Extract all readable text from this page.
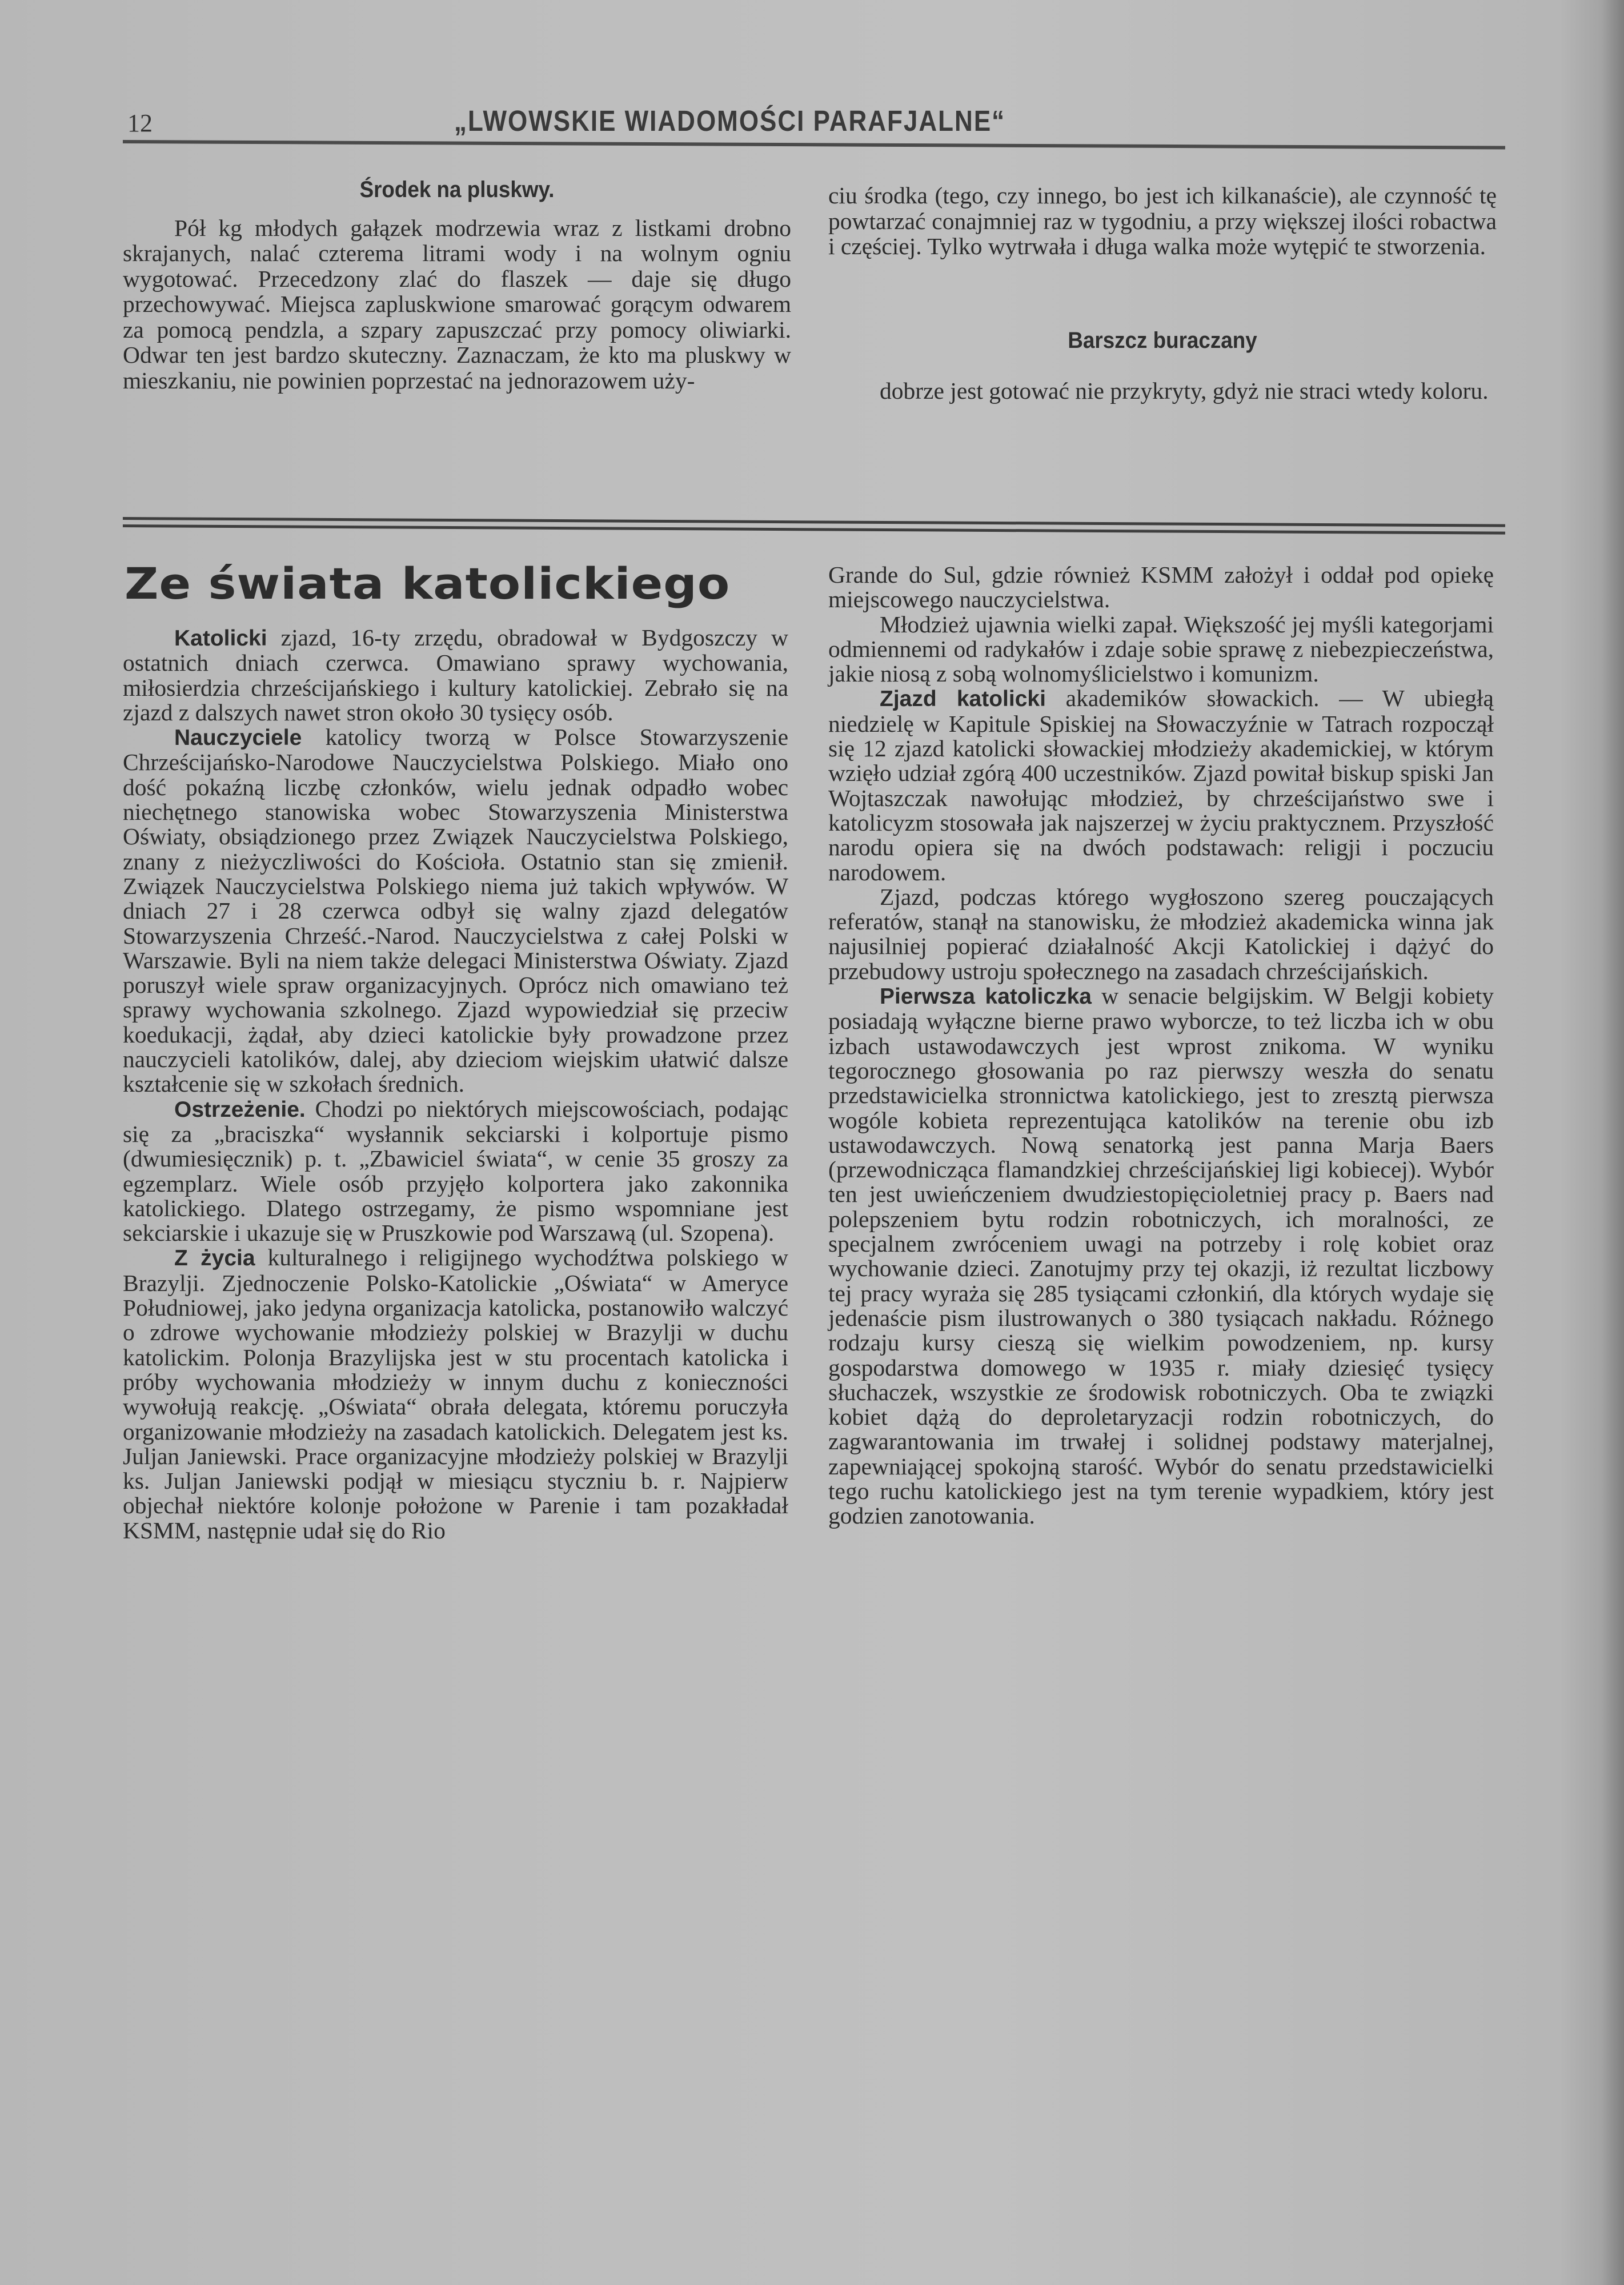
12	„LWOWSKIE WIADOMOŚCI PARAFJALNE“
Środek na pluskwy.

Pół kg młodych gałązek modrzewia wraz z listkami drobno skrajanych, nalać czterema litrami wody i na wolnym ogniu wygotować. Przecedzony zlać do flaszek — daje się długo przechowywać. Miejsca zapluskwione smarować gorącym odwarem za pomocą pendzla, a szpary zapuszczać przy pomocy oliwiarki. Odwar ten jest bardzo skuteczny. Zaznaczam, że kto ma pluskwy w mieszkaniu, nie powinien poprzestać na jednorazowem uży-

ciu środka (tego, czy innego, bo jest ich kilkanaście), ale czynność tę powtarzać conajmniej raz w tygodniu, a przy większej ilości robactwa i częściej. Tylko wytrwała i długa walka może wytępić te stworzenia.

Barszcz buraczany

dobrze jest gotować nie przykryty, gdyż nie straci wtedy koloru.

Ze świata katolickiego

Katolicki zjazd, 16-ty zrzędu, obradował w Bydgoszczy w ostatnich dniach czerwca. Omawiano sprawy wychowania, miłosierdzia chrześcijańskiego i kultury katolickiej. Zebrało się na zjazd z dalszych nawet stron około 30 tysięcy osób.

Nauczyciele katolicy tworzą w Polsce Stowarzyszenie Chrześcijańsko-Narodowe Nauczycielstwa Polskiego. Miało ono dość pokaźną liczbę członków, wielu jednak odpadło wobec niechętnego stanowiska wobec Stowarzyszenia Ministerstwa Oświaty, obsiądzionego przez Związek Nauczycielstwa Polskiego, znany z nieżyczliwości do Kościoła. Ostatnio stan się zmienił. Związek Nauczycielstwa Polskiego niema już takich wpływów. W dniach 27 i 28 czerwca odbył się walny zjazd delegatów Stowarzyszenia Chrześć.-Narod. Nauczycielstwa z całej Polski w Warszawie. Byli na niem także delegaci Ministerstwa Oświaty. Zjazd poruszył wiele spraw organizacyjnych. Oprócz nich omawiano też sprawy wychowania szkolnego. Zjazd wypowiedział się przeciw koedukacji, żądał, aby dzieci katolickie były prowadzone przez nauczycieli katolików, dalej, aby dzieciom wiejskim ułatwić dalsze kształcenie się w szkołach średnich.

Ostrzeżenie. Chodzi po niektórych miejscowościach, podając się za „braciszka“ wysłannik sekciarski i kolportuje pismo (dwumiesięcznik) p. t. „Zbawiciel świata“, w cenie 35 groszy za egzemplarz. Wiele osób przyjęło kolportera jako zakonnika katolickiego. Dlatego ostrzegamy, że pismo wspomniane jest sekciarskie i ukazuje się w Pruszkowie pod Warszawą (ul. Szopena).

Z życia kulturalnego i religijnego wychodźtwa polskiego w Brazylji. Zjednoczenie Polsko-Katolickie „Oświata“ w Ameryce Południowej, jako jedyna organizacja katolicka, postanowiło walczyć o zdrowe wychowanie młodzieży polskiej w Brazylji w duchu katolickim. Polonja Brazylijska jest w stu procentach katolicka i próby wychowania młodzieży w innym duchu z konieczności wywołują reakcję. „Oświata“ obrała delegata, któremu poruczyła organizowanie młodzieży na zasadach katolickich. Delegatem jest ks. Juljan Janiewski. Prace organizacyjne młodzieży polskiej w Brazylji ks. Juljan Janiewski podjął w miesiącu styczniu b. r. Najpierw objechał niektóre kolonje położone w Parenie i tam pozakładał KSMM, następnie udał się do Rio

Grande do Sul, gdzie również KSMM założył i oddał pod opiekę miejscowego nauczycielstwa.

Młodzież ujawnia wielki zapał. Większość jej myśli kategorjami odmiennemi od radykałów i zdaje sobie sprawę z niebezpieczeństwa, jakie niosą z sobą wolnomyślicielstwo i komunizm.

Zjazd katolicki akademików słowackich. — W ubiegłą niedzielę w Kapitule Spiskiej na Słowaczyźnie w Tatrach rozpoczął się 12 zjazd katolicki słowackiej młodzieży akademickiej, w którym wzięło udział zgórą 400 uczestników. Zjazd powitał biskup spiski Jan Wojtaszczak nawołując młodzież, by chrześcijaństwo swe i katolicyzm stosowała jak najszerzej w życiu praktycznem. Przyszłość narodu opiera się na dwóch podstawach: religji i poczuciu narodowem.

Zjazd, podczas którego wygłoszono szereg pouczających referatów, stanął na stanowisku, że młodzież akademicka winna jak najusilniej popierać działalność Akcji Katolickiej i dążyć do przebudowy ustroju społecznego na zasadach chrześcijańskich.

Pierwsza katoliczka w senacie belgijskim. W Belgji kobiety posiadają wyłączne bierne prawo wyborcze, to też liczba ich w obu izbach ustawodawczych jest wprost znikoma. W wyniku tegorocznego głosowania po raz pierwszy weszła do senatu przedstawicielka stronnictwa katolickiego, jest to zresztą pierwsza wogóle kobieta reprezentująca katolików na terenie obu izb ustawodawczych. Nową senatorką jest panna Marja Baers (przewodnicząca flamandzkiej chrześcijańskiej ligi kobiecej). Wybór ten jest uwieńczeniem dwudziestopięcioletniej pracy p. Baers nad polepszeniem bytu rodzin robotniczych, ich moralności, ze specjalnem zwróceniem uwagi na potrzeby i rolę kobiet oraz wychowanie dzieci. Zanotujmy przy tej okazji, iż rezultat liczbowy tej pracy wyraża się 285 tysiącami członkiń, dla których wydaje się jedenaście pism ilustrowanych o 380 tysiącach nakładu. Różnego rodzaju kursy cieszą się wielkim powodzeniem, np. kursy gospodarstwa domowego w 1935 r. miały dziesięć tysięcy słuchaczek, wszystkie ze środowisk robotniczych. Oba te związki kobiet dążą do deproletaryzacji rodzin robotniczych, do zagwarantowania im trwałej i solidnej podstawy materjalnej, zapewniającej spokojną starość. Wybór do senatu przedstawicielki tego ruchu katolickiego jest na tym terenie wypadkiem, który jest godzien zanotowania.
